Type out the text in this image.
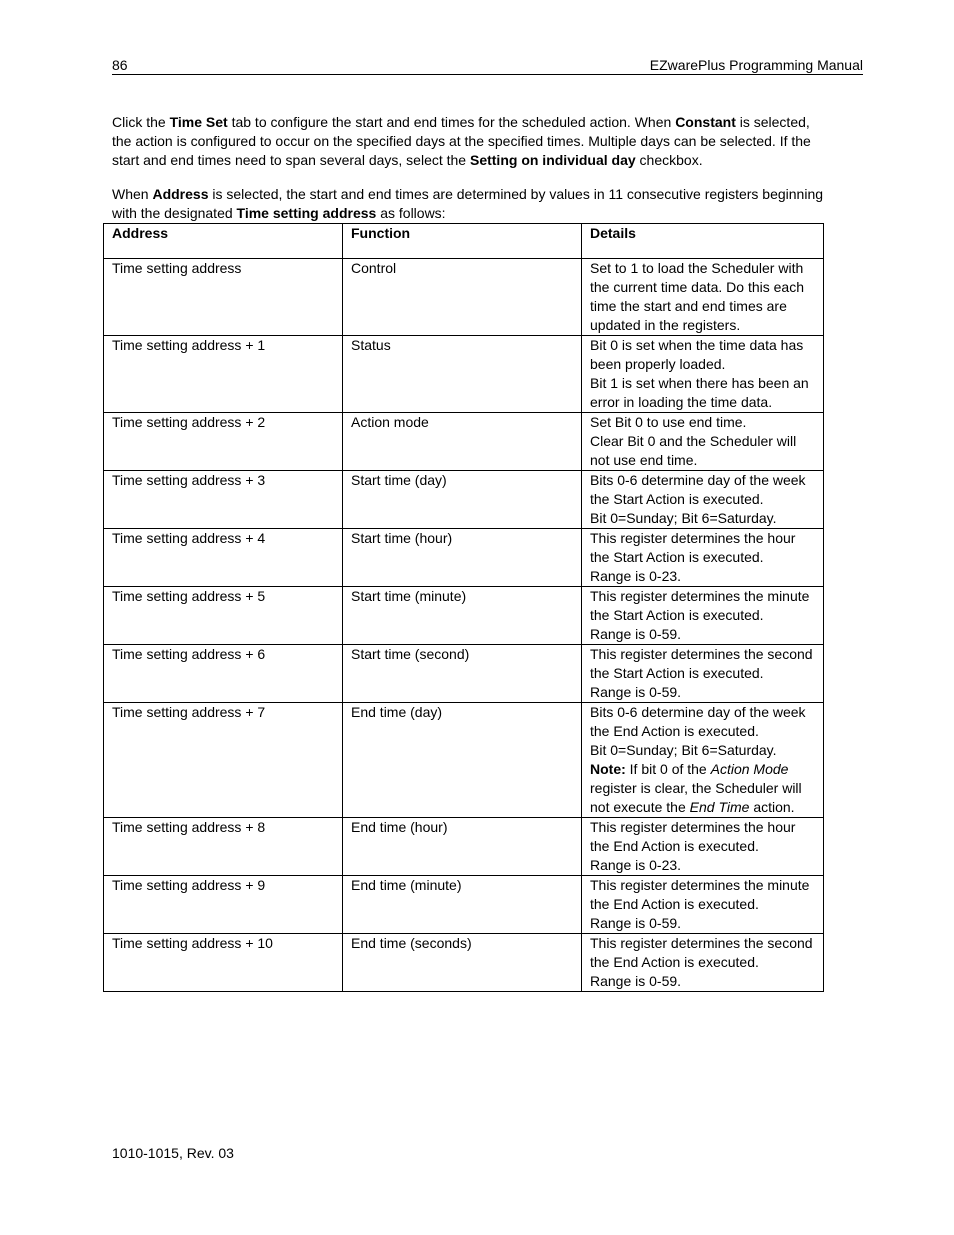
86	EZwarePlus Programming Manual

Click the Time Set tab to configure the start and end times for the scheduled action. When Constant is selected, the action is configured to occur on the specified days at the specified times. Multiple days can be selected. If the start and end times need to span several days, select the Setting on individual day checkbox.

When Address is selected, the start and end times are determined by values in 11 consecutive registers beginning with the designated Time setting address as follows:

Address	Function	Details
Time setting address	Control	Set to 1 to load the Scheduler with the current time data. Do this each time the start and end times are updated in the registers.

Time setting address + 1	Status	Bit 0 is set when the time data has been properly loaded.
Bit 1 is set when there has been an error in loading the time data.

Time setting address + 2	Action mode	Set Bit 0 to use end time.
Clear Bit 0 and the Scheduler will not use end time.

Time setting address + 3	Start time (day)	Bits 0-6 determine day of the week the Start Action is executed.
Bit 0=Sunday; Bit 6=Saturday.

Time setting address + 4	Start time (hour)	This register determines the hour the Start Action is executed.
Range is 0-23.

Time setting address + 5	Start time (minute)	This register determines the minute the Start Action is executed.
Range is 0-59.

Time setting address + 6	Start time (second)	This register determines the second the Start Action is executed.
Range is 0-59.

Time setting address + 7	End time (day)	Bits 0-6 determine day of the week the End Action is executed.
Bit 0=Sunday; Bit 6=Saturday.
Note: If bit 0 of the Action Mode register is clear, the Scheduler will not execute the End Time action.

Time setting address + 8	End time (hour)	This register determines the hour the End Action is executed.
Range is 0-23.

Time setting address + 9	End time (minute)	This register determines the minute the End Action is executed.
Range is 0-59.

Time setting address + 10	End time (seconds)	This register determines the second the End Action is executed.
Range is 0-59.
1010-1015, Rev. 03
